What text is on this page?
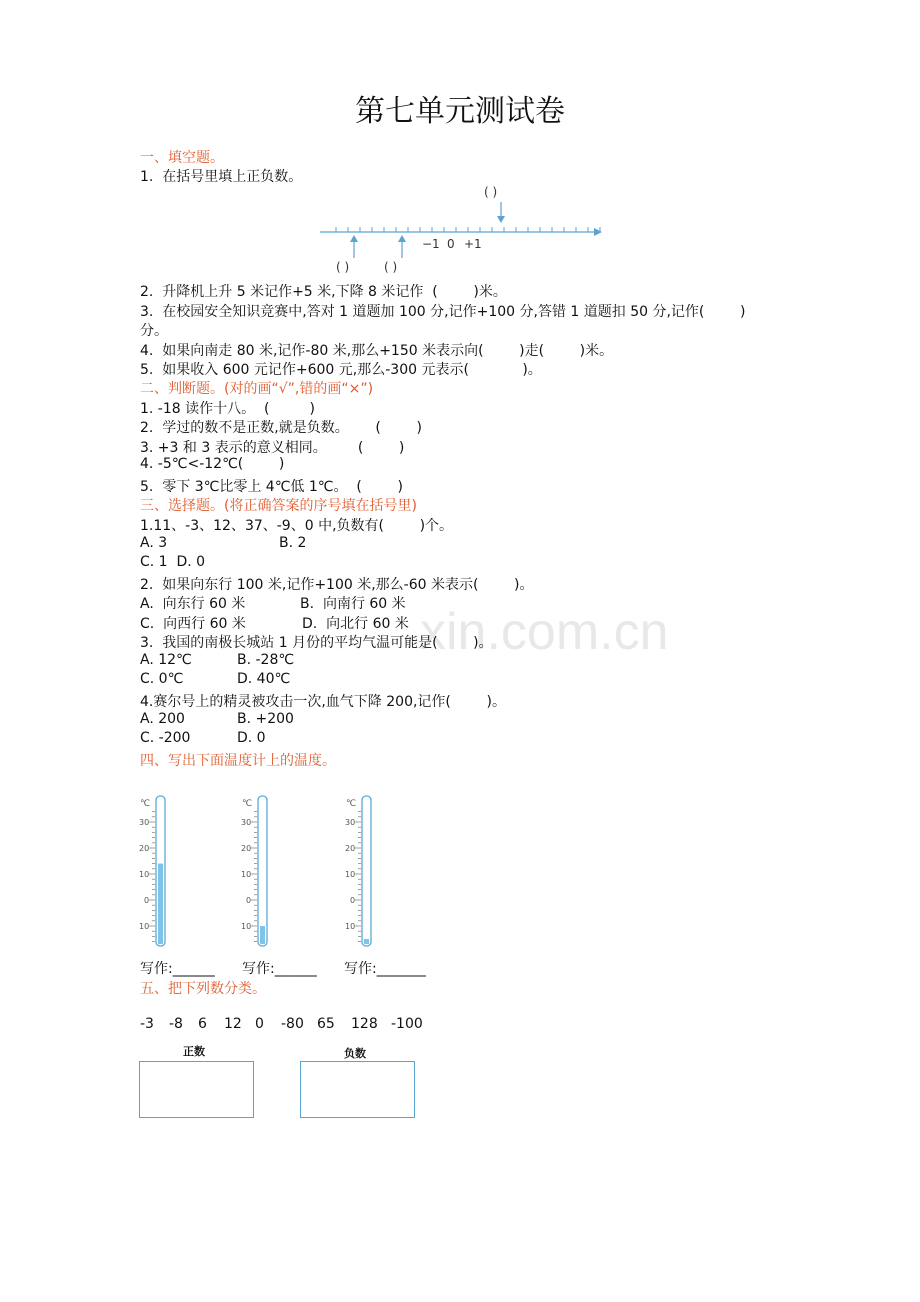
xin.com.cn
第七单元测试卷
一、填空题。
1.  在括号里填上正负数。
( )
−1 0 +1
( )	( )
2.  升降机上升 5 米记作+5 米,下降 8 米记作  (        )米。
3.  在校园安全知识竞赛中,答对 1 道题加 100 分,记作+100 分,答错 1 道题扣 50 分,记作(        )
分。
4.  如果向南走 80 米,记作-80 米,那么+150 米表示向(        )走(        )米。
5.  如果收入 600 元记作+600 元,那么-300 元表示(            )。
二、判断题。(对的画“√”,错的画“×”)
1. -18 读作十八。  (         )
2.  学过的数不是正数,就是负数。      (        )
3. +3 和 3 表示的意义相同。       (        )
4. -5℃<-12℃(        )
5.  零下 3℃比零上 4℃低 1℃。  (        )
三、选择题。(将正确答案的序号填在括号里)
1.11、-3、12、37、-9、0 中,负数有(        )个。
A. 3	B. 2
C. 1  D. 0
2.  如果向东行 100 米,记作+100 米,那么-60 米表示(        )。
A.  向东行 60 米	B.  向南行 60 米
C.  向西行 60 米	D.  向北行 60 米
3.  我国的南极长城站 1 月份的平均气温可能是(        )。
A. 12℃	B. -28℃
C. 0℃	D. 40℃
4.赛尔号上的精灵被攻击一次,血气下降 200,记作(        )。
A. 200	B. +200
C. -200	D. 0
四、写出下面温度计上的温度。
℃
30
20
10
0
10
℃
30
20
10
0
10
℃
30
20
10
0
10
写作:______ 写作:______ 写作:_______
五、把下列数分类。
-3 -8 6 12 0 -80 65 128 -100
正数	负数
